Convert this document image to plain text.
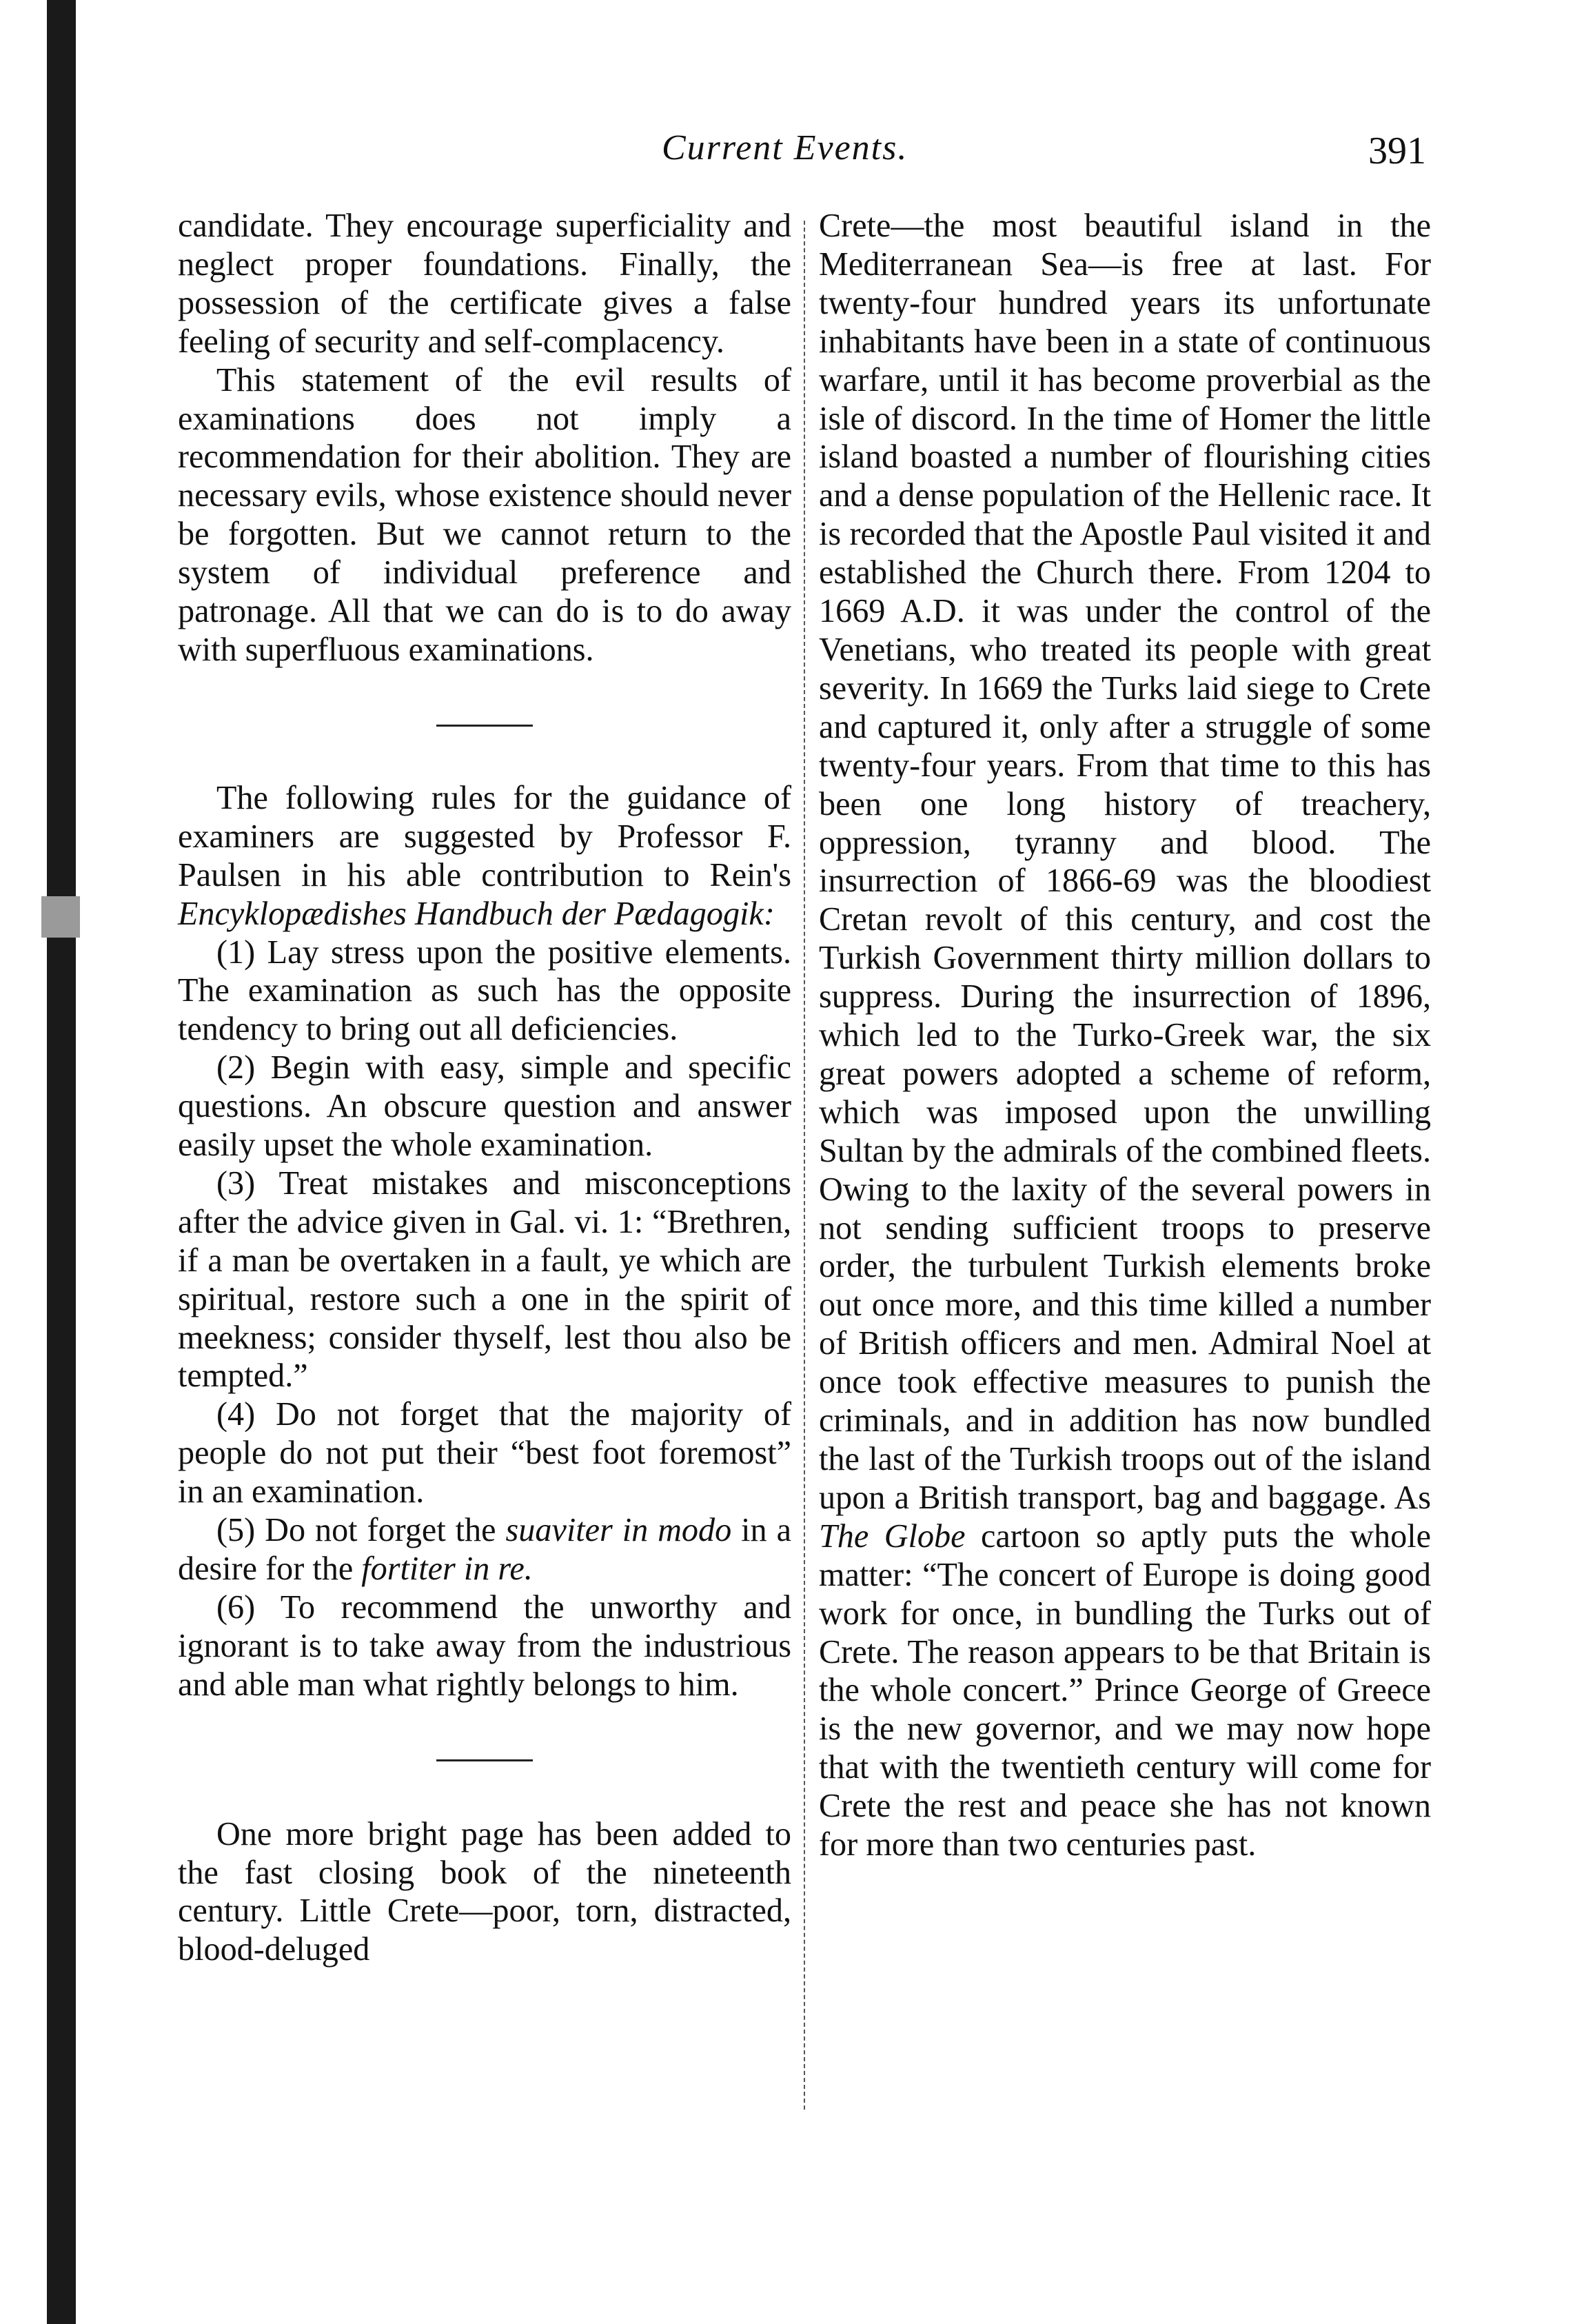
Current Events.	391

candidate. They encourage superficiality and neglect proper foundations. Finally, the possession of the certificate gives a false feeling of security and self-complacency.

This statement of the evil results of examinations does not imply a recommendation for their abolition. They are necessary evils, whose existence should never be forgotten. But we cannot return to the system of individual preference and patronage. All that we can do is to do away with superfluous examinations.

The following rules for the guidance of examiners are suggested by Professor F. Paulsen in his able contribution to Rein's Encyklopædishes Handbuch der Pædagogik:

(1) Lay stress upon the positive elements. The examination as such has the opposite tendency to bring out all deficiencies.

(2) Begin with easy, simple and specific questions. An obscure question and answer easily upset the whole examination.

(3) Treat mistakes and misconceptions after the advice given in Gal. vi. 1: “Brethren, if a man be overtaken in a fault, ye which are spiritual, restore such a one in the spirit of meekness; consider thyself, lest thou also be tempted.”

(4) Do not forget that the majority of people do not put their “best foot foremost” in an examination.

(5) Do not forget the suaviter in modo in a desire for the fortiter in re.

(6) To recommend the unworthy and ignorant is to take away from the industrious and able man what rightly belongs to him.

One more bright page has been added to the fast closing book of the nineteenth century. Little Crete—poor, torn, distracted, blood-deluged

Crete—the most beautiful island in the Mediterranean Sea—is free at last. For twenty-four hundred years its unfortunate inhabitants have been in a state of continuous warfare, until it has become proverbial as the isle of discord. In the time of Homer the little island boasted a number of flourishing cities and a dense population of the Hellenic race. It is recorded that the Apostle Paul visited it and established the Church there. From 1204 to 1669 A.D. it was under the control of the Venetians, who treated its people with great severity. In 1669 the Turks laid siege to Crete and captured it, only after a struggle of some twenty-four years. From that time to this has been one long history of treachery, oppression, tyranny and blood. The insurrection of 1866-69 was the bloodiest Cretan revolt of this century, and cost the Turkish Government thirty million dollars to suppress. During the insurrection of 1896, which led to the Turko-Greek war, the six great powers adopted a scheme of reform, which was imposed upon the unwilling Sultan by the admirals of the combined fleets. Owing to the laxity of the several powers in not sending sufficient troops to preserve order, the turbulent Turkish elements broke out once more, and this time killed a number of British officers and men. Admiral Noel at once took effective measures to punish the criminals, and in addition has now bundled the last of the Turkish troops out of the island upon a British transport, bag and baggage. As The Globe cartoon so aptly puts the whole matter: “The concert of Europe is doing good work for once, in bundling the Turks out of Crete. The reason appears to be that Britain is the whole concert.” Prince George of Greece is the new governor, and we may now hope that with the twentieth century will come for Crete the rest and peace she has not known for more than two centuries past.
